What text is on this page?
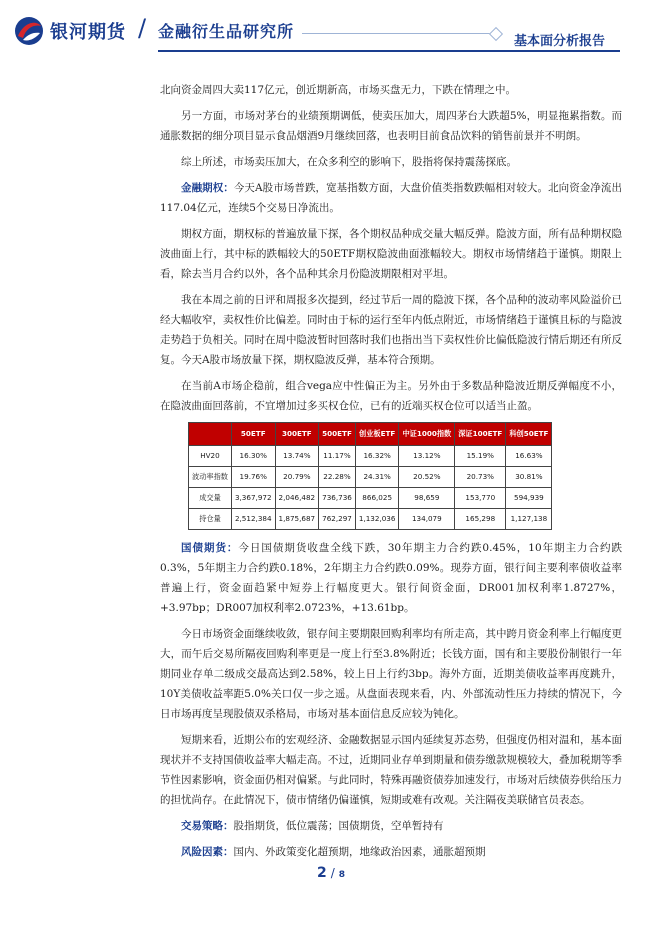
银河期货 / 金融衍生品研究所
基本面分析报告

北向资金周四大卖117亿元，创近期新高，市场买盘无力，下跌在情理之中。

另一方面，市场对茅台的业绩预期调低，使卖压加大，周四茅台大跌超5%，明显拖累指数。而通胀数据的细分项目显示食品烟酒9月继续回落，也表明目前食品饮料的销售前景并不明朗。

综上所述，市场卖压加大，在众多利空的影响下，股指将保持震荡探底。

金融期权：今天A股市场普跌，宽基指数方面，大盘价值类指数跌幅相对较大。北向资金净流出117.04亿元，连续5个交易日净流出。

期权方面，期权标的普遍放量下探，各个期权品种成交量大幅反弹。隐波方面，所有品种期权隐波曲面上行，其中标的跌幅较大的50ETF期权隐波曲面涨幅较大。期权市场情绪趋于谨慎。期限上看，除去当月合约以外，各个品种其余月份隐波期限相对平坦。

我在本周之前的日评和周报多次提到，经过节后一周的隐波下探，各个品种的波动率风险溢价已经大幅收窄，卖权性价比偏差。同时由于标的运行至年内低点附近，市场情绪趋于谨慎且标的与隐波走势趋于负相关。同时在周中隐波暂时回落时我们也指出当下卖权性价比偏低隐波行情后期还有所反复。今天A股市场放量下探，期权隐波反弹，基本符合预期。

在当前A市场企稳前，组合vega应中性偏正为主。另外由于多数品种隐波近期反弹幅度不小，在隐波曲面回落前，不宜增加过多买权仓位，已有的近端买权仓位可以适当止盈。

	50ETF	300ETF	500ETF	创业板ETF	中证1000指数	深证100ETF	科创50ETF
HV20	16.30%	13.74%	11.17%	16.32%	13.12%	15.19%	16.63%
波动率指数	19.76%	20.79%	22.28%	24.31%	20.52%	20.73%	30.81%
成交量	3,367,972	2,046,482	736,736	866,025	98,659	153,770	594,939
持仓量	2,512,384	1,875,687	762,297	1,132,036	134,079	165,298	1,127,138

国债期货：今日国债期货收盘全线下跌，30年期主力合约跌0.45%，10年期主力合约跌0.3%，5年期主力合约跌0.18%，2年期主力合约跌0.09%。现券方面，银行间主要利率债收益率普遍上行，资金面趋紧中短券上行幅度更大。银行间资金面，DR001加权利率1.8727%，+3.97bp；DR007加权利率2.0723%，+13.61bp。

今日市场资金面继续收敛，银存间主要期限回购利率均有所走高，其中跨月资金利率上行幅度更大，而午后交易所隔夜回购利率更是一度上行至3.8%附近；长钱方面，国有和主要股份制银行一年期同业存单二级成交最高达到2.58%，较上日上行约3bp。海外方面，近期美债收益率再度跳升，10Y美债收益率距5.0%关口仅一步之遥。从盘面表现来看，内、外部流动性压力持续的情况下，今日市场再度呈现股债双杀格局，市场对基本面信息反应较为钝化。

短期来看，近期公布的宏观经济、金融数据显示国内延续复苏态势，但强度仍相对温和，基本面现状并不支持国债收益率大幅走高。不过，近期同业存单到期量和债券缴款规模较大，叠加税期等季节性因素影响，资金面仍相对偏紧。与此同时，特殊再融资债券加速发行，市场对后续债券供给压力的担忧尚存。在此情况下，债市情绪仍偏谨慎，短期或难有改观。关注隔夜美联储官员表态。

交易策略：股指期货，低位震荡；国债期货，空单暂持有

风险因素：国内、外政策变化超预期，地缘政治因素，通胀超预期

2 / 8
